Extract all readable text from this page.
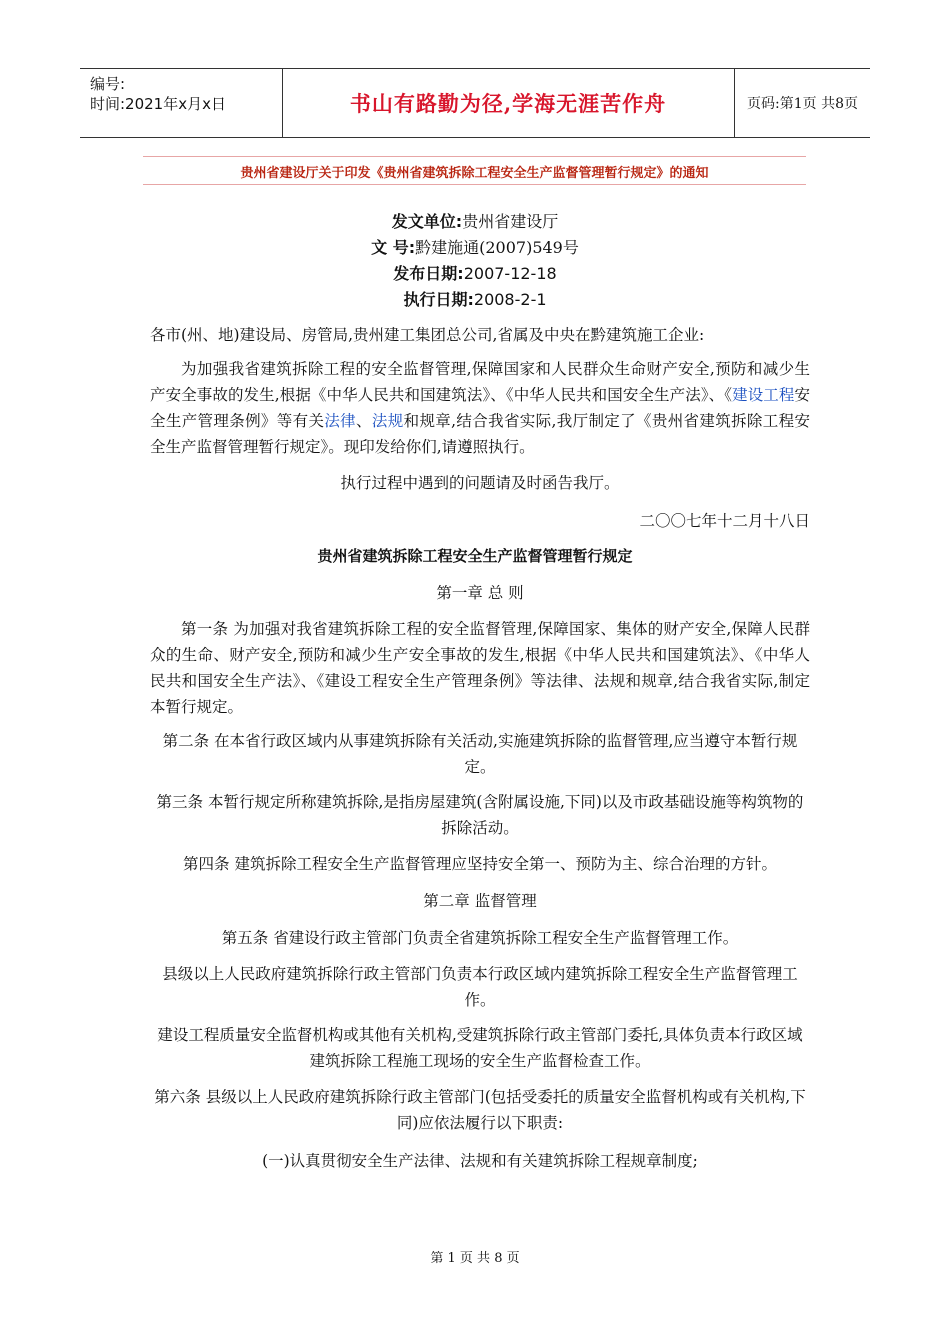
编号:
时间:2021年x月x日	书山有路勤为径,学海无涯苦作舟	页码:第1页 共8页
贵州省建设厅关于印发《贵州省建筑拆除工程安全生产监督管理暂行规定》的通知
发文单位:贵州省建设厅
文 号:黔建施通(2007)549号
发布日期:2007-12-18
执行日期:2008-2-1
各市(州、地)建设局、房管局,贵州建工集团总公司,省属及中央在黔建筑施工企业:
为加强我省建筑拆除工程的安全监督管理,保障国家和人民群众生命财产安全,预防和减少生产安全事故的发生,根据《中华人民共和国建筑法》、《中华人民共和国安全生产法》、《建设工程安全生产管理条例》等有关法律、法规和规章,结合我省实际,我厅制定了《贵州省建筑拆除工程安全生产监督管理暂行规定》。现印发给你们,请遵照执行。
执行过程中遇到的问题请及时函告我厅。
二〇〇七年十二月十八日
贵州省建筑拆除工程安全生产监督管理暂行规定
第一章 总 则
第一条 为加强对我省建筑拆除工程的安全监督管理,保障国家、集体的财产安全,保障人民群众的生命、财产安全,预防和减少生产安全事故的发生,根据《中华人民共和国建筑法》、《中华人民共和国安全生产法》、《建设工程安全生产管理条例》等法律、法规和规章,结合我省实际,制定本暂行规定。
第二条 在本省行政区域内从事建筑拆除有关活动,实施建筑拆除的监督管理,应当遵守本暂行规定。
第三条 本暂行规定所称建筑拆除,是指房屋建筑(含附属设施,下同)以及市政基础设施等构筑物的拆除活动。
第四条 建筑拆除工程安全生产监督管理应坚持安全第一、预防为主、综合治理的方针。
第二章 监督管理
第五条 省建设行政主管部门负责全省建筑拆除工程安全生产监督管理工作。
县级以上人民政府建筑拆除行政主管部门负责本行政区域内建筑拆除工程安全生产监督管理工作。
建设工程质量安全监督机构或其他有关机构,受建筑拆除行政主管部门委托,具体负责本行政区域建筑拆除工程施工现场的安全生产监督检查工作。
第六条 县级以上人民政府建筑拆除行政主管部门(包括受委托的质量安全监督机构或有关机构,下同)应依法履行以下职责:
(一)认真贯彻安全生产法律、法规和有关建筑拆除工程规章制度;
第 1 页 共 8 页
